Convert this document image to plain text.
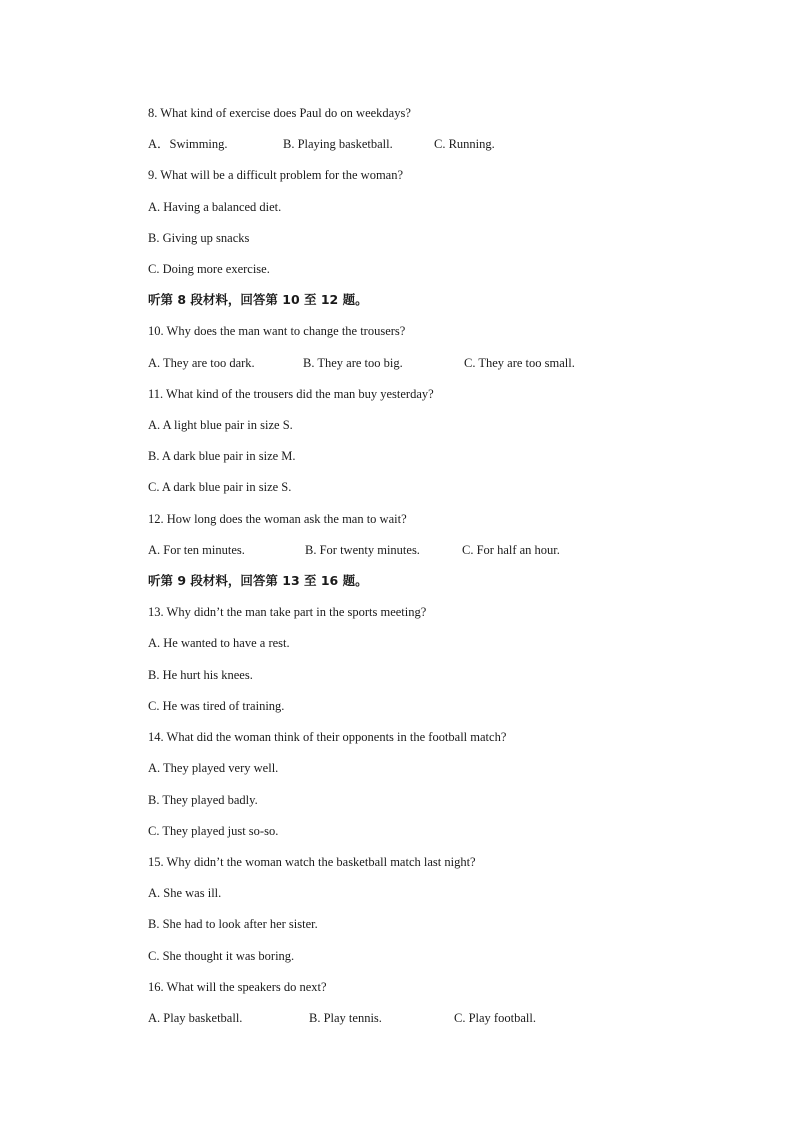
8. What kind of exercise does Paul do on weekdays?
A．Swimming.	B. Playing basketball.	C. Running.
9. What will be a difficult problem for the woman?
A. Having a balanced diet.
B. Giving up snacks
C. Doing more exercise.
听第 8 段材料，回答第 10 至 12 题。
10. Why does the man want to change the trousers?
A. They are too dark.	B. They are too big.	C. They are too small.
11. What kind of the trousers did the man buy yesterday?
A. A light blue pair in size S.
B. A dark blue pair in size M.
C. A dark blue pair in size S.
12. How long does the woman ask the man to wait?
A. For ten minutes.	B. For twenty minutes.	C. For half an hour.
听第 9 段材料，回答第 13 至 16 题。
13. Why didn’t the man take part in the sports meeting?
A. He wanted to have a rest.
B. He hurt his knees.
C. He was tired of training.
14. What did the woman think of their opponents in the football match?
A. They played very well.
B. They played badly.
C. They played just so-so.
15. Why didn’t the woman watch the basketball match last night?
A. She was ill.
B. She had to look after her sister.
C. She thought it was boring.
16. What will the speakers do next?
A. Play basketball.	B. Play tennis.	C. Play football.
